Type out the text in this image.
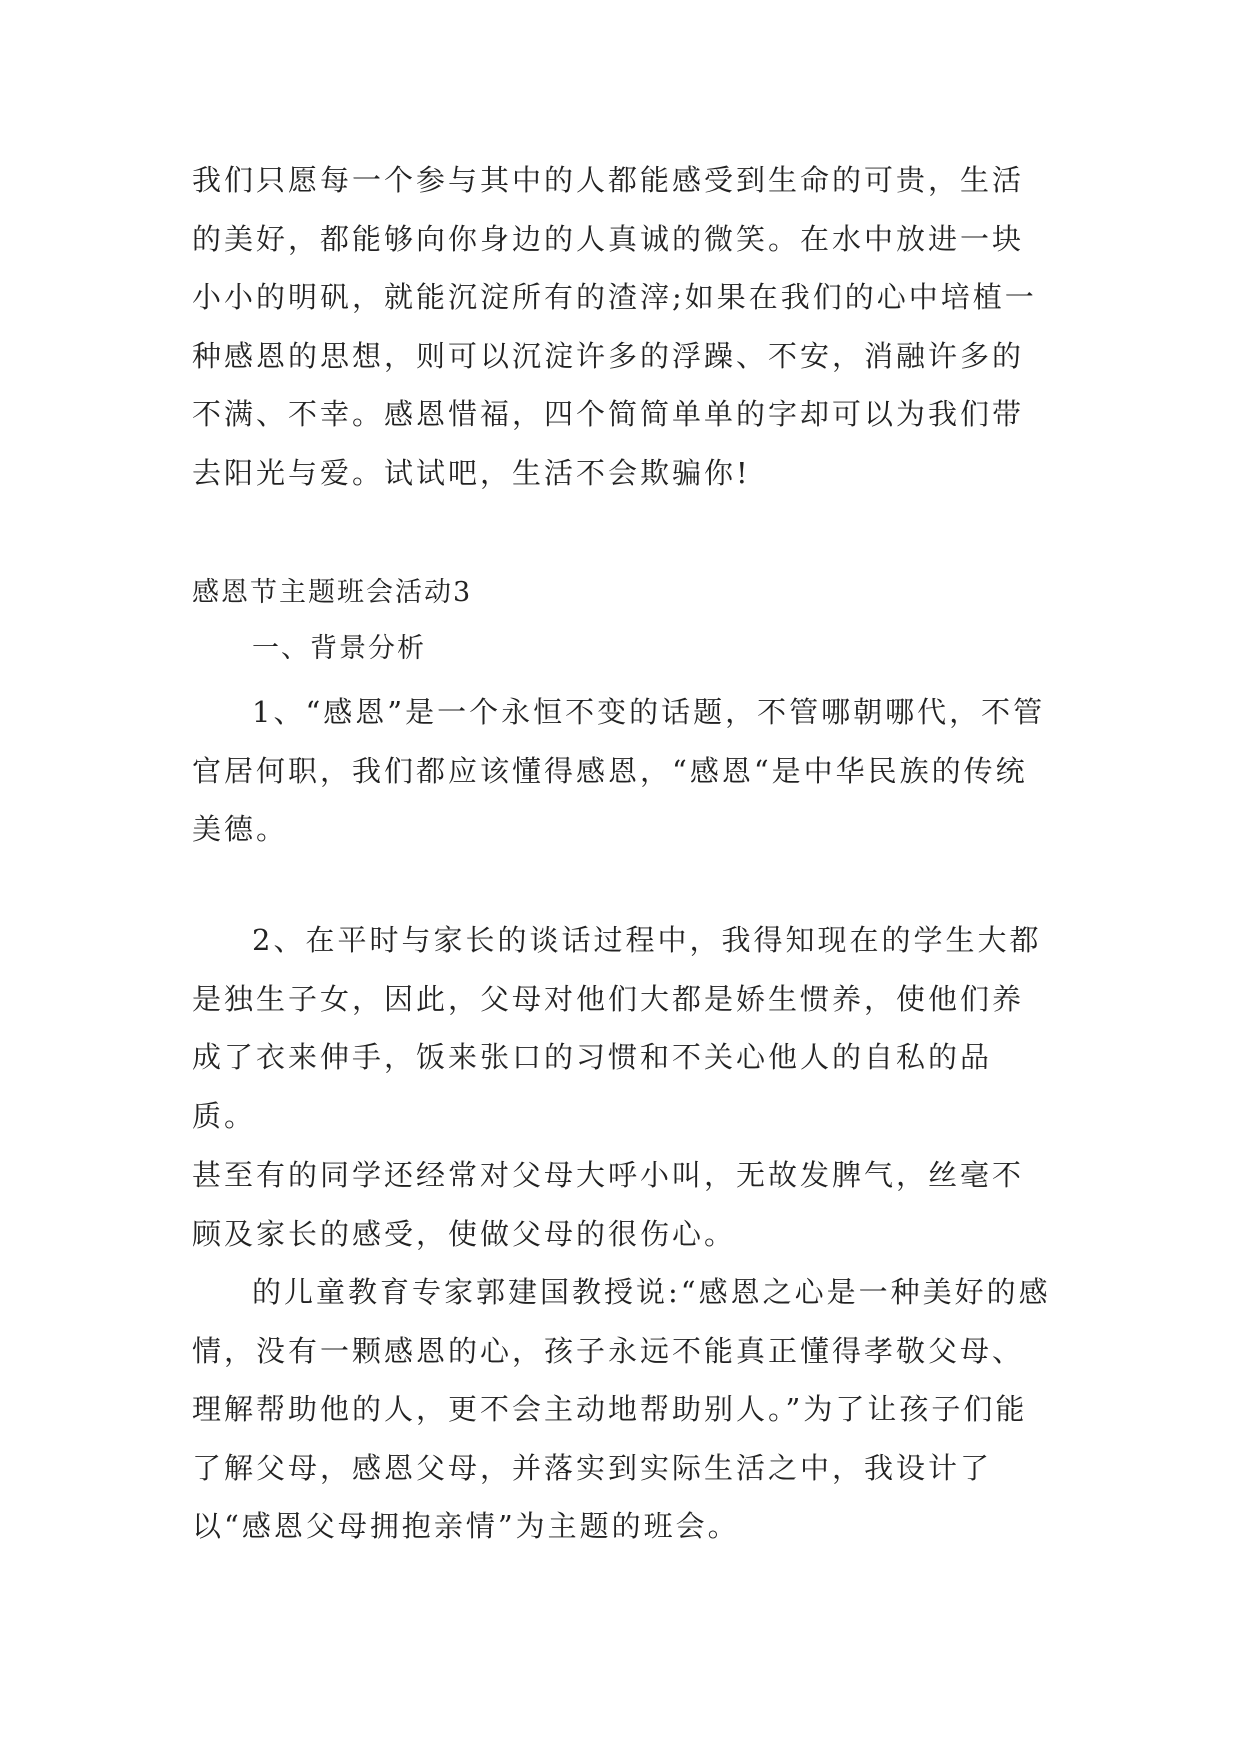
我们只愿每一个参与其中的人都能感受到生命的可贵，生活的美好，都能够向你身边的人真诚的微笑。在水中放进一块小小的明矾，就能沉淀所有的渣滓;如果在我们的心中培植一种感恩的思想，则可以沉淀许多的浮躁、不安，消融许多的不满、不幸。感恩惜福，四个简简单单的字却可以为我们带去阳光与爱。试试吧，生活不会欺骗你!

感恩节主题班会活动3

一、背景分析

1、“感恩”是一个永恒不变的话题，不管哪朝哪代，不管官居何职，我们都应该懂得感恩，“感恩“是中华民族的传统美德。

2、在平时与家长的谈话过程中，我得知现在的学生大都是独生子女，因此，父母对他们大都是娇生惯养，使他们养成了衣来伸手，饭来张口的习惯和不关心他人的自私的品质。

甚至有的同学还经常对父母大呼小叫，无故发脾气，丝毫不顾及家长的感受，使做父母的很伤心。

的儿童教育专家郭建国教授说:“感恩之心是一种美好的感情，没有一颗感恩的心，孩子永远不能真正懂得孝敬父母、理解帮助他的人，更不会主动地帮助别人。”为了让孩子们能了解父母，感恩父母，并落实到实际生活之中，我设计了以“感恩父母拥抱亲情”为主题的班会。
